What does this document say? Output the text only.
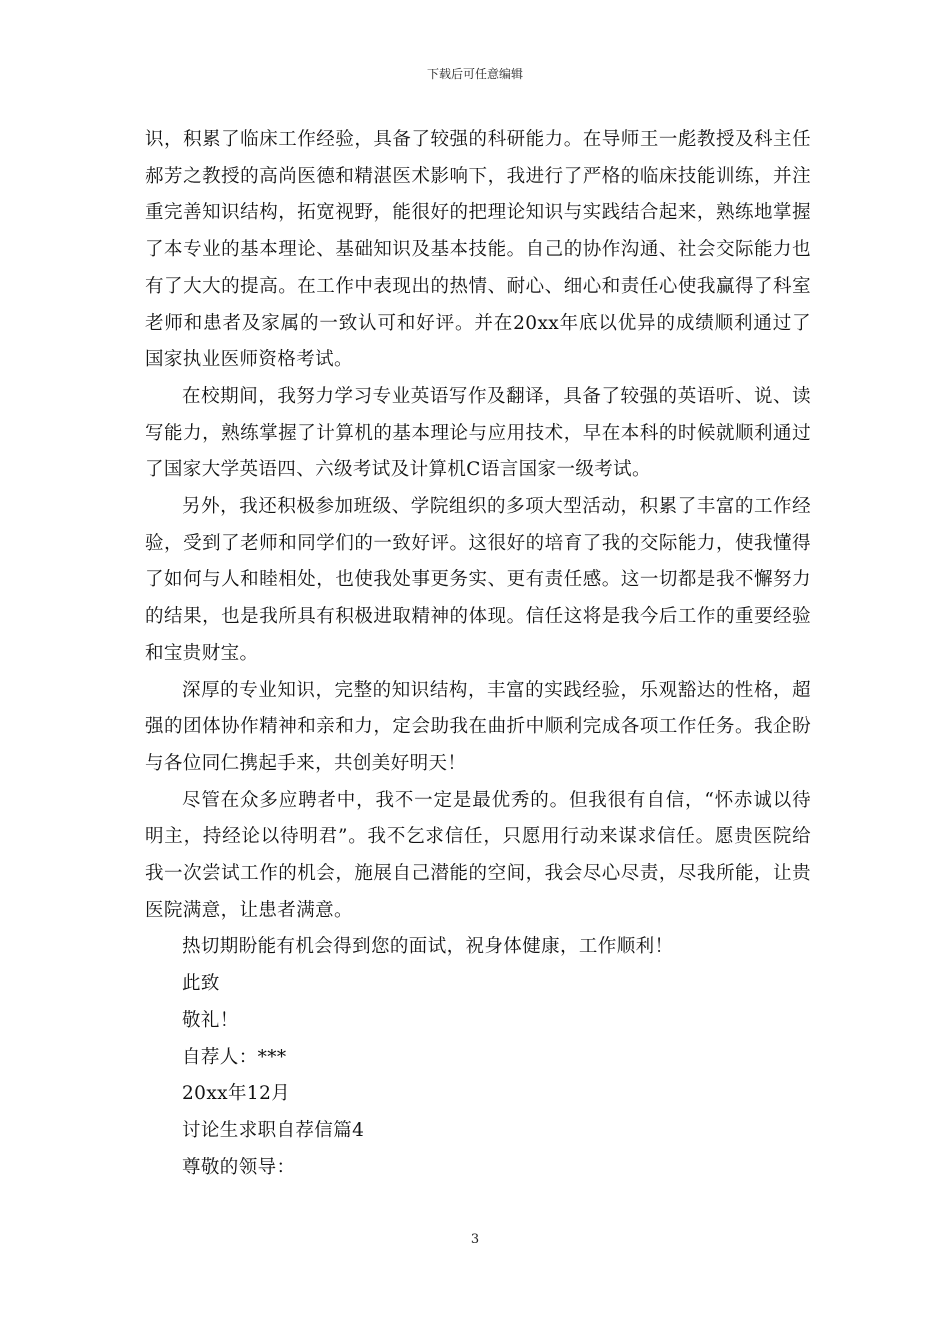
下载后可任意编辑

识，积累了临床工作经验，具备了较强的科研能力。在导师王一彪教授及科主任郝芳之教授的高尚医德和精湛医术影响下，我进行了严格的临床技能训练，并注重完善知识结构，拓宽视野，能很好的把理论知识与实践结合起来，熟练地掌握了本专业的基本理论、基础知识及基本技能。自己的协作沟通、社会交际能力也有了大大的提高。在工作中表现出的热情、耐心、细心和责任心使我赢得了科室老师和患者及家属的一致认可和好评。并在20xx年底以优异的成绩顺利通过了国家执业医师资格考试。

在校期间，我努力学习专业英语写作及翻译，具备了较强的英语听、说、读写能力，熟练掌握了计算机的基本理论与应用技术，早在本科的时候就顺利通过了国家大学英语四、六级考试及计算机C语言国家一级考试。

另外，我还积极参加班级、学院组织的多项大型活动，积累了丰富的工作经验，受到了老师和同学们的一致好评。这很好的培育了我的交际能力，使我懂得了如何与人和睦相处，也使我处事更务实、更有责任感。这一切都是我不懈努力的结果，也是我所具有积极进取精神的体现。信任这将是我今后工作的重要经验和宝贵财宝。

深厚的专业知识，完整的知识结构，丰富的实践经验，乐观豁达的性格，超强的团体协作精神和亲和力，定会助我在曲折中顺利完成各项工作任务。我企盼与各位同仁携起手来，共创美好明天！

尽管在众多应聘者中，我不一定是最优秀的。但我很有自信，“怀赤诚以待明主，持经论以待明君”。我不乞求信任，只愿用行动来谋求信任。愿贵医院给我一次尝试工作的机会，施展自己潜能的空间，我会尽心尽责，尽我所能，让贵医院满意，让患者满意。

热切期盼能有机会得到您的面试，祝身体健康，工作顺利！

此致

敬礼！

自荐人：***

20xx年12月

讨论生求职自荐信篇4

尊敬的领导：

3
